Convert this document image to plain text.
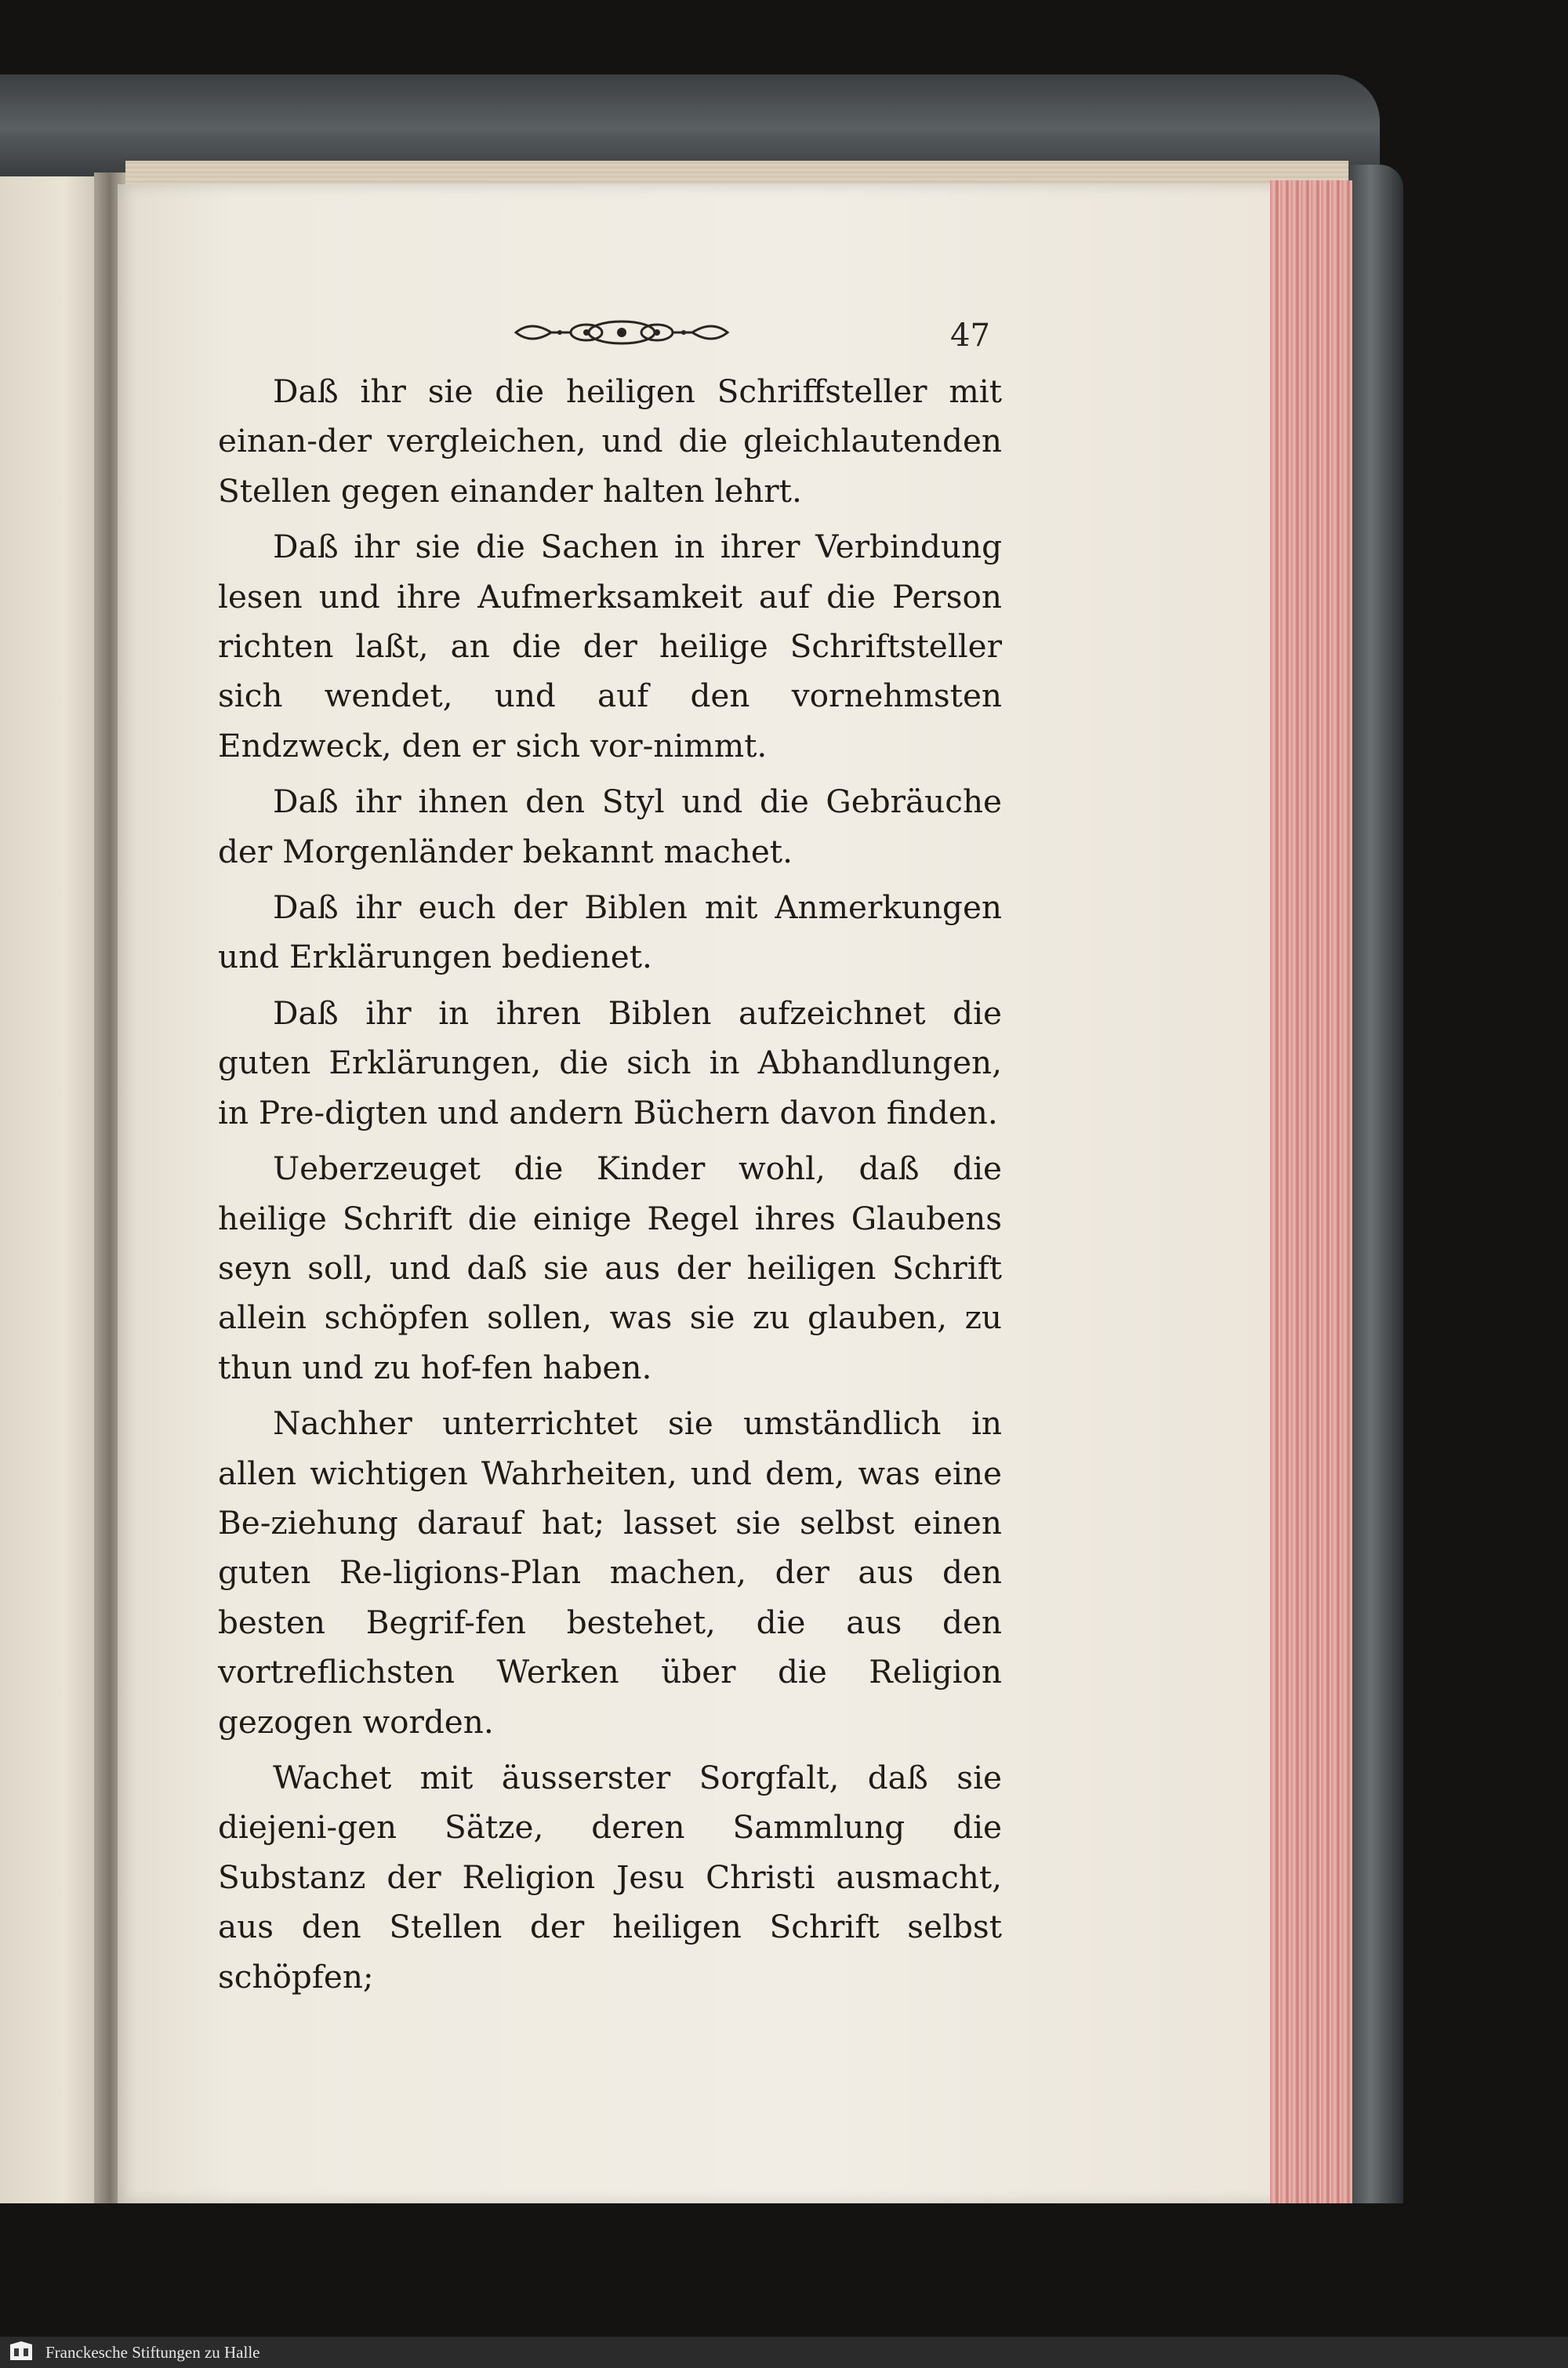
47

Daß ihr sie die heiligen Schriffsteller mit einan-der vergleichen, und die gleichlautenden Stellen gegen einander halten lehrt.

Daß ihr sie die Sachen in ihrer Verbindung lesen und ihre Aufmerksamkeit auf die Person richten laßt, an die der heilige Schriftsteller sich wendet, und auf den vornehmsten Endzweck, den er sich vor-nimmt.

Daß ihr ihnen den Styl und die Gebräuche der Morgenländer bekannt machet.

Daß ihr euch der Biblen mit Anmerkungen und Erklärungen bedienet.

Daß ihr in ihren Biblen aufzeichnet die guten Erklärungen, die sich in Abhandlungen, in Pre-digten und andern Büchern davon finden.

Ueberzeuget die Kinder wohl, daß die heilige Schrift die einige Regel ihres Glaubens seyn soll, und daß sie aus der heiligen Schrift allein schöpfen sollen, was sie zu glauben, zu thun und zu hof-fen haben.

Nachher unterrichtet sie umständlich in allen wichtigen Wahrheiten, und dem, was eine Be-ziehung darauf hat; lasset sie selbst einen guten Re-ligions-Plan machen, der aus den besten Begrif-fen bestehet, die aus den vortreflichsten Werken über die Religion gezogen worden.

Wachet mit äusserster Sorgfalt, daß sie diejeni-gen Sätze, deren Sammlung die Substanz der Religion Jesu Christi ausmacht, aus den Stellen der heiligen Schrift selbst schöpfen;

Franckesche Stiftungen zu Halle
